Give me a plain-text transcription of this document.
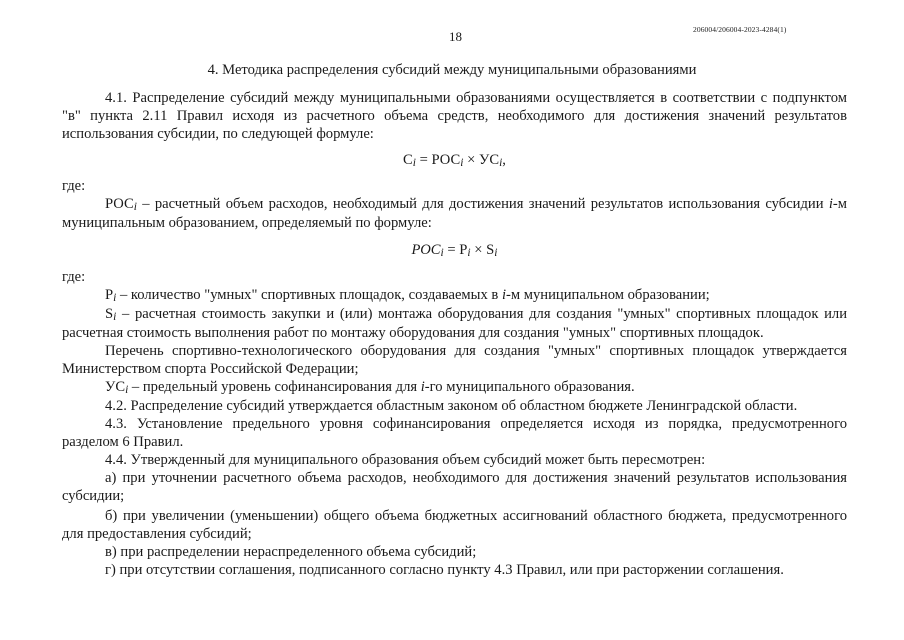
18	206004/206004-2023-4284(1)
4. Методика распределения субсидий между муниципальными образованиями

4.1. Распределение субсидий между муниципальными образованиями осуществляется в соответствии с подпунктом "в" пункта 2.11 Правил исходя из расчетного объема средств, необходимого для достижения значений результатов использования субсидии, по следующей формуле:

Ci = РОСi × УСi,

где:

РОСi – расчетный объем расходов, необходимый для достижения значений результатов использования субсидии i-м муниципальным образованием, определяемый по формуле:

РОСi = Pi × Si

где:

Pi – количество "умных" спортивных площадок, создаваемых в i-м муниципальном образовании;

Si – расчетная стоимость закупки и (или) монтажа оборудования для создания "умных" спортивных площадок или расчетная стоимость выполнения работ по монтажу оборудования для создания "умных" спортивных площадок.

Перечень спортивно-технологического оборудования для создания "умных" спортивных площадок утверждается Министерством спорта Российской Федерации;

УСi – предельный уровень софинансирования для i-го муниципального образования.

4.2. Распределение субсидий утверждается областным законом об областном бюджете Ленинградской области.

4.3. Установление предельного уровня софинансирования определяется исходя из порядка, предусмотренного разделом 6 Правил.

4.4. Утвержденный для муниципального образования объем субсидий может быть пересмотрен:

а) при уточнении расчетного объема расходов, необходимого для достижения значений результатов использования субсидии;

б) при увеличении (уменьшении) общего объема бюджетных ассигнований областного бюджета, предусмотренного для предоставления субсидий;

в) при распределении нераспределенного объема субсидий;

г) при отсутствии соглашения, подписанного согласно пункту 4.3 Правил, или при расторжении соглашения.
